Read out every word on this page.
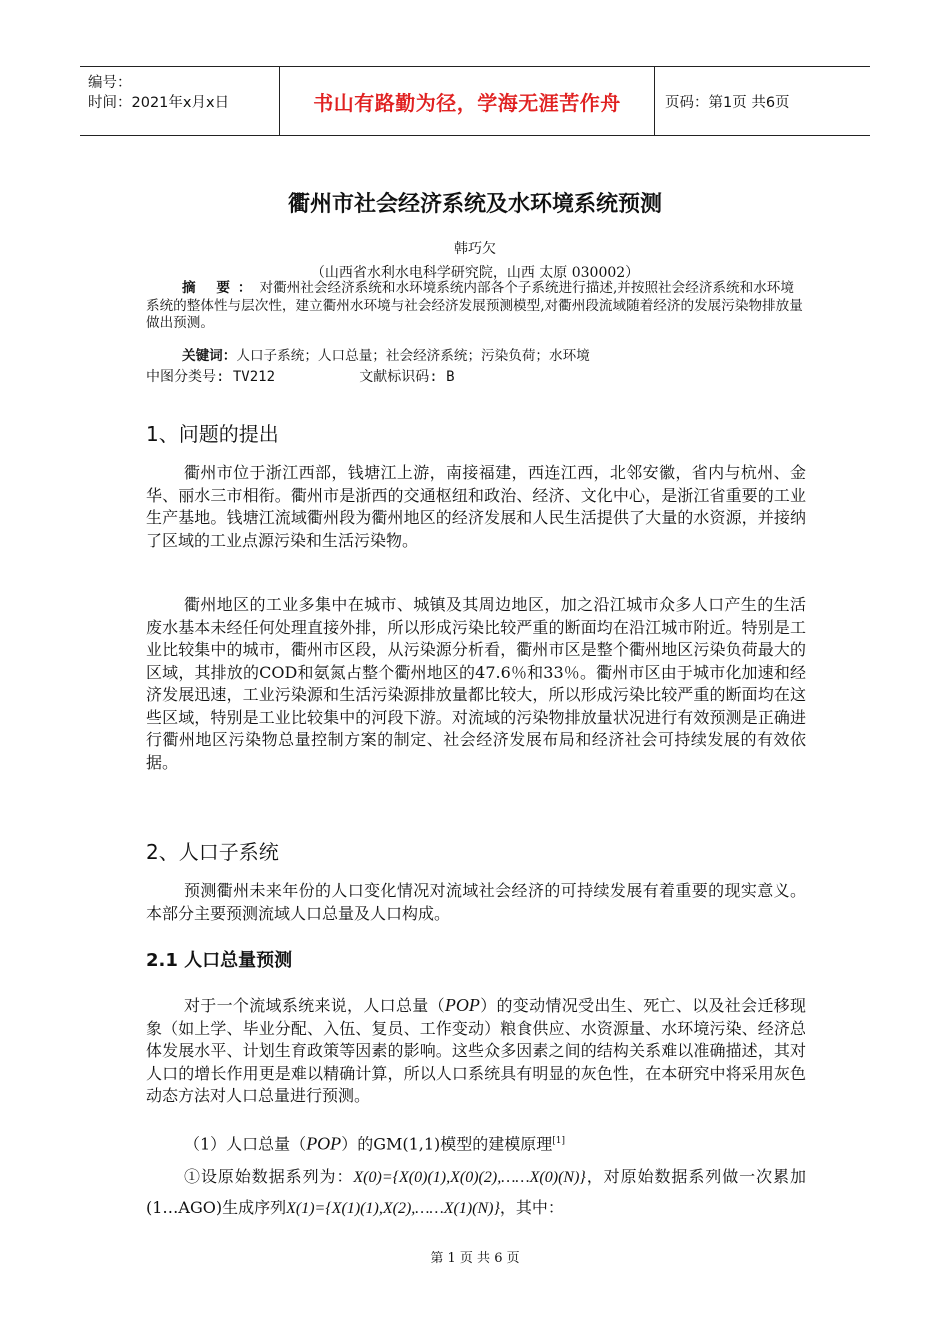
编号：
时间：2021年x月x日	书山有路勤为径，学海无涯苦作舟	页码：第1页 共6页
衢州市社会经济系统及水环境系统预测
韩巧欠
（山西省水利水电科学研究院，山西 太原 030002）
摘 要：对衢州社会经济系统和水环境系统内部各个子系统进行描述,并按照社会经济系统和水环境系统的整体性与层次性，建立衢州水环境与社会经济发展预测模型,对衢州段流域随着经济的发展污染物排放量做出预测。
关键词：人口子系统；人口总量；社会经济系统；污染负荷；水环境
中图分类号: TV212          文献标识码: B
1、问题的提出
衢州市位于浙江西部，钱塘江上游，南接福建，西连江西，北邻安徽，省内与杭州、金华、丽水三市相衔。衢州市是浙西的交通枢纽和政治、经济、文化中心，是浙江省重要的工业生产基地。钱塘江流域衢州段为衢州地区的经济发展和人民生活提供了大量的水资源，并接纳了区域的工业点源污染和生活污染物。
衢州地区的工业多集中在城市、城镇及其周边地区，加之沿江城市众多人口产生的生活废水基本未经任何处理直接外排，所以形成污染比较严重的断面均在沿江城市附近。特别是工业比较集中的城市，衢州市区段，从污染源分析看，衢州市区是整个衢州地区污染负荷最大的区域，其排放的COD和氨氮占整个衢州地区的47.6％和33％。衢州市区由于城市化加速和经济发展迅速，工业污染源和生活污染源排放量都比较大，所以形成污染比较严重的断面均在这些区域，特别是工业比较集中的河段下游。对流域的污染物排放量状况进行有效预测是正确进行衢州地区污染物总量控制方案的制定、社会经济发展布局和经济社会可持续发展的有效依据。
2、人口子系统
预测衢州未来年份的人口变化情况对流域社会经济的可持续发展有着重要的现实意义。本部分主要预测流域人口总量及人口构成。
2.1 人口总量预测
对于一个流域系统来说，人口总量（POP）的变动情况受出生、死亡、以及社会迁移现象（如上学、毕业分配、入伍、复员、工作变动）粮食供应、水资源量、水环境污染、经济总体发展水平、计划生育政策等因素的影响。这些众多因素之间的结构关系难以准确描述，其对人口的增长作用更是难以精确计算，所以人口系统具有明显的灰色性，在本研究中将采用灰色动态方法对人口总量进行预测。
（1）人口总量（POP）的GM(1,1)模型的建模原理[1]
①设原始数据系列为：X(0)={X(0)(1),X(0)(2),……X(0)(N)}，对原始数据系列做一次累加(1…AGO)生成序列X(1)={X(1)(1),X(2),……X(1)(N)}，其中：
第 1 页 共 6 页
